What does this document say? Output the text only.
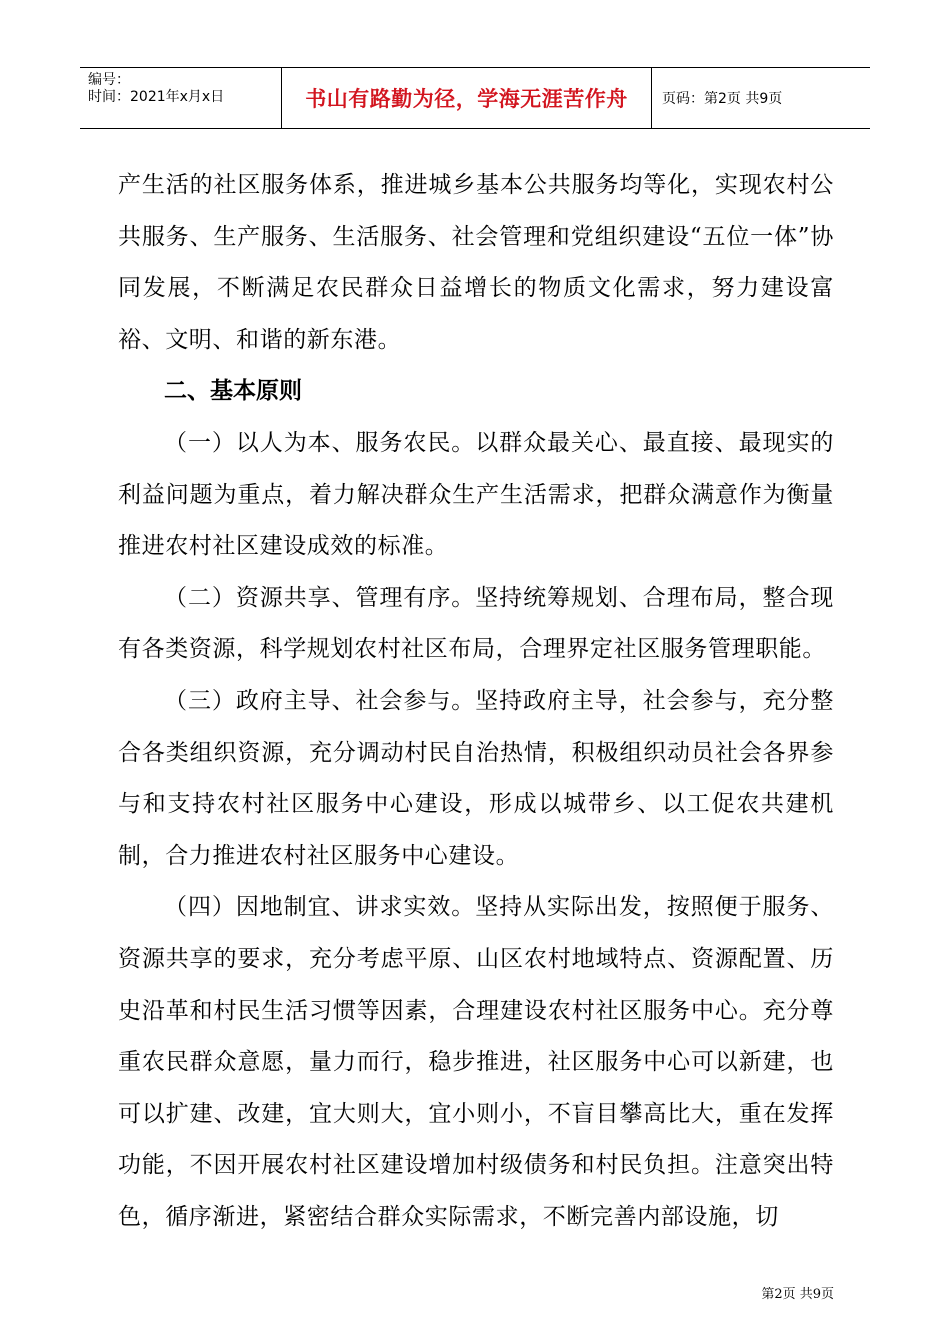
编号：
时间：2021年x月x日	书山有路勤为径，学海无涯苦作舟	页码：第2页 共9页

产生活的社区服务体系，推进城乡基本公共服务均等化，实现农村公共服务、生产服务、生活服务、社会管理和党组织建设“五位一体”协同发展，不断满足农民群众日益增长的物质文化需求，努力建设富裕、文明、和谐的新东港。

二、基本原则

（一）以人为本、服务农民。以群众最关心、最直接、最现实的利益问题为重点，着力解决群众生产生活需求，把群众满意作为衡量推进农村社区建设成效的标准。

（二）资源共享、管理有序。坚持统筹规划、合理布局，整合现有各类资源，科学规划农村社区布局，合理界定社区服务管理职能。

（三）政府主导、社会参与。坚持政府主导，社会参与，充分整合各类组织资源，充分调动村民自治热情，积极组织动员社会各界参与和支持农村社区服务中心建设，形成以城带乡、以工促农共建机制，合力推进农村社区服务中心建设。

（四）因地制宜、讲求实效。坚持从实际出发，按照便于服务、资源共享的要求，充分考虑平原、山区农村地域特点、资源配置、历史沿革和村民生活习惯等因素，合理建设农村社区服务中心。充分尊重农民群众意愿，量力而行，稳步推进，社区服务中心可以新建，也可以扩建、改建，宜大则大，宜小则小，不盲目攀高比大，重在发挥功能，不因开展农村社区建设增加村级债务和村民负担。注意突出特色，循序渐进，紧密结合群众实际需求，不断完善内部设施，切

第2页 共9页
